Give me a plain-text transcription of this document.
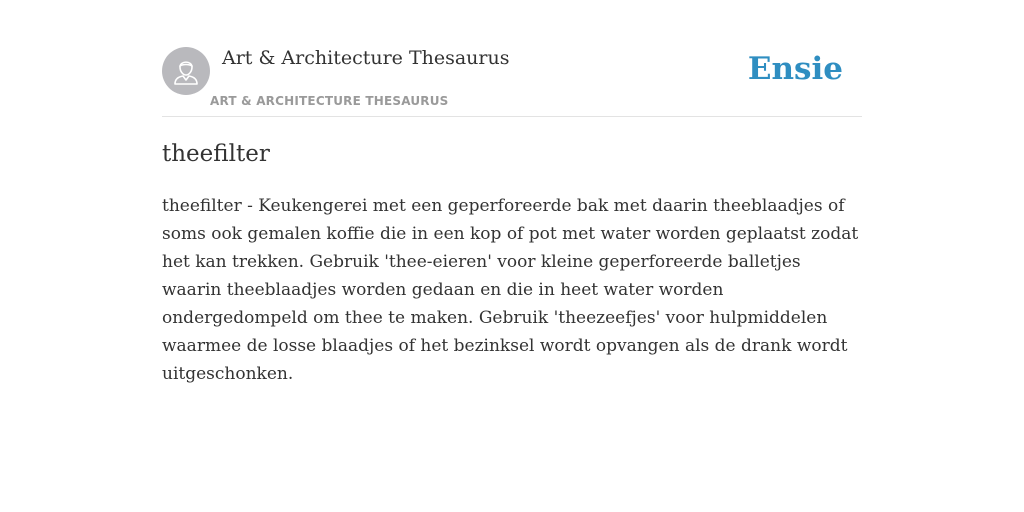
Art & Architecture Thesaurus
ART & ARCHITECTURE THESAURUS
Ensie
theefilter

theefilter - Keukengerei met een geperforeerde bak met daarin theeblaadjes of soms ook gemalen koffie die in een kop of pot met water worden geplaatst zodat het kan trekken. Gebruik 'thee-eieren' voor kleine geperforeerde balletjes waarin theeblaadjes worden gedaan en die in heet water worden ondergedompeld om thee te maken. Gebruik 'theezeefjes' voor hulpmiddelen waarmee de losse blaadjes of het bezinksel wordt opvangen als de drank wordt uitgeschonken.
